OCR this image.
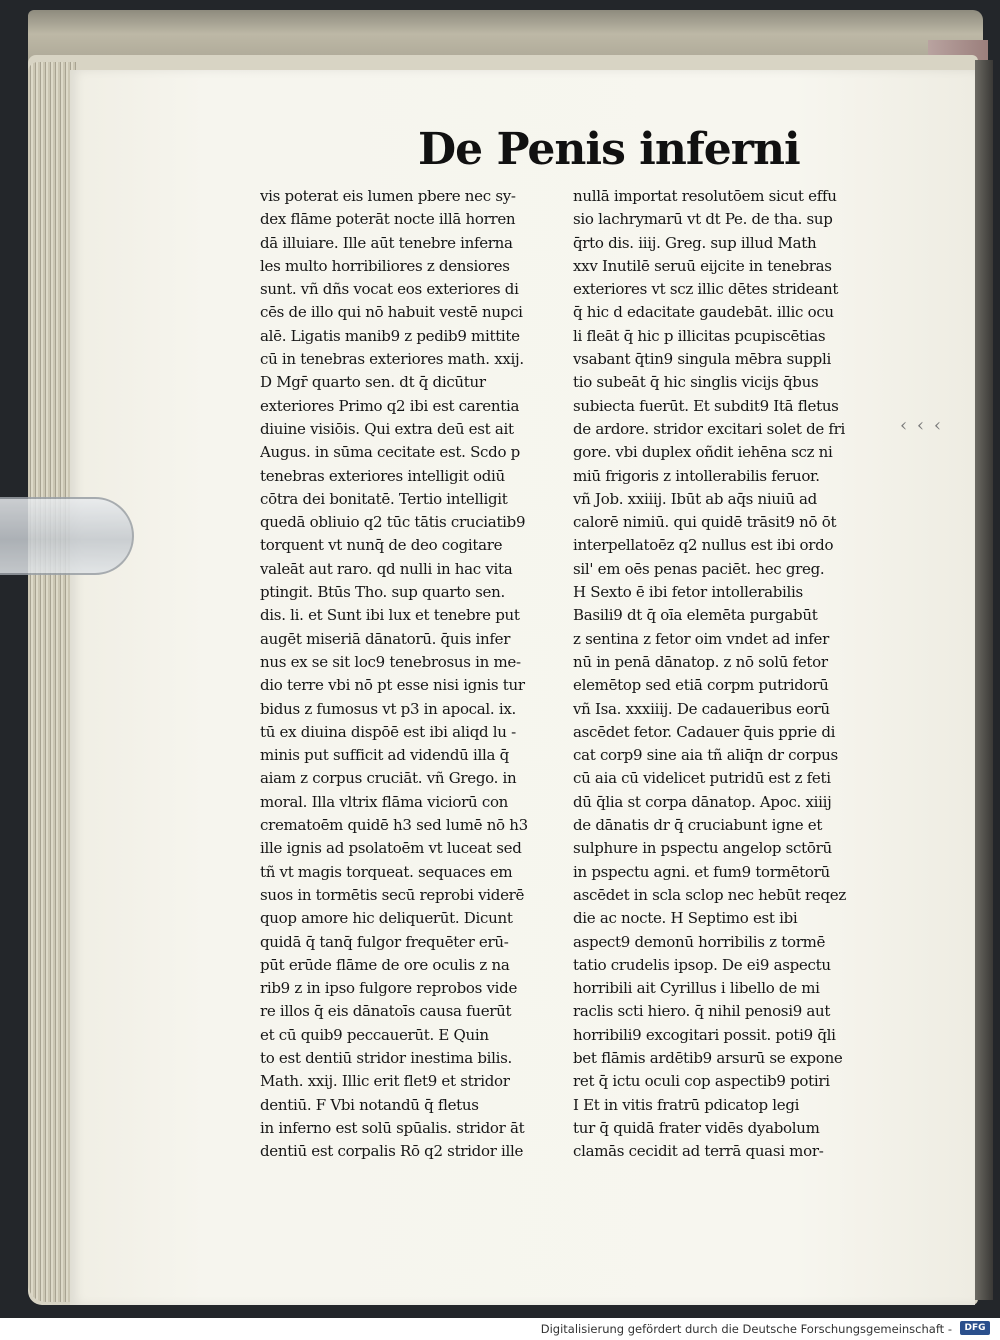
De Penis inferni
vis poterat eis lumen pbere nec sy-
dex flāme poterāt nocte illā horren
dā illuiare. Ille aūt tenebre inferna
les multo horribiliores z densiores
sunt. vñ dñs vocat eos exteriores di
cēs de illo qui nō habuit vestē nupci
alē. Ligatis manib9 z pedib9 mittite
cū in tenebras exteriores math. xxij.
D Mgr̄ quarto sen. dt q̄ dicūtur
exteriores Primo q2 ibi est carentia
diuine visiōis. Qui extra deū est ait
Augus. in sūma cecitate est. Scdo p
tenebras exteriores intelligit odiū
cōtra dei bonitatē. Tertio intelligit
quedā obliuio q2 tūc tātis cruciatib9
torquent vt nunq̄ de deo cogitare
valeāt aut raro. qd nulli in hac vita
ptingit. Btūs Tho. sup quarto sen.
dis. li. et Sunt ibi lux et tenebre put
augēt miseriā dānatorū. q̄uis infer
nus ex se sit loc9 tenebrosus in me-
dio terre vbi nō pt esse nisi ignis tur
bidus z fumosus vt p3 in apocal. ix.
tū ex diuina dispōē est ibi aliqd lu -
minis put sufficit ad videndū illa q̄
aiam z corpus cruciāt. vñ Grego. in
moral. Illa vltrix flāma viciorū con
crematoēm quidē h3 sed lumē nō h3
ille ignis ad psolatoēm vt luceat sed
tñ vt magis torqueat. sequaces em
suos in tormētis secū reprobi viderē
quop amore hic deliquerūt. Dicunt
quidā q̄ tanq̄ fulgor frequēter erū-
pūt erūde flāme de ore oculis z na
rib9 z in ipso fulgore reprobos vide
re illos q̄ eis dānatoīs causa fuerūt
et cū quib9 peccauerūt. E Quin
to est dentiū stridor inestima bilis.
Math. xxij. Illic erit flet9 et stridor
dentiū. F Vbi notandū q̄ fletus
in inferno est solū spūalis. stridor āt
dentiū est corpalis Rō q2 stridor ille
nullā importat resolutōem sicut effu
sio lachrymarū vt dt Pe. de tha. sup
q̄rto dis. iiij. Greg. sup illud Math
xxv Inutilē seruū eijcite in tenebras
exteriores vt scz illic dētes strideant
q̄ hic d edacitate gaudebāt. illic ocu
li fleāt q̄ hic p illicitas pcupiscētias
vsabant q̄tin9 singula mēbra suppli
tio subeāt q̄ hic singlis vicijs q̄bus
subiecta fuerūt. Et subdit9 Itā fletus
de ardore. stridor excitari solet de fri
gore. vbi duplex oñdit iehēna scz ni
miū frigoris z intollerabilis feruor.
vñ Job. xxiiij. Ibūt ab aq̄s niuiū ad
calorē nimiū. qui quidē trāsit9 nō ōt
interpellatoēz q2 nullus est ibi ordo
sil' em oēs penas paciēt. hec greg.
H Sexto ē ibi fetor intollerabilis
Basili9 dt q̄ oīa elemēta purgabūt
z sentina z fetor oim vndet ad infer
nū in penā dānatop. z nō solū fetor
elemētop sed etiā corpm putridorū
vñ Isa. xxxiiij. De cadaueribus eorū
ascēdet fetor. Cadauer q̄uis pprie di
cat corp9 sine aia tñ aliq̄n dr corpus
cū aia cū videlicet putridū est z feti
dū q̄lia st corpa dānatop. Apoc. xiiij
de dānatis dr q̄ cruciabunt igne et
sulphure in pspectu angelop sctōrū
in pspectu agni. et fum9 tormētorū
ascēdet in scla sclop nec hebūt reqez
die ac nocte. H Septimo est ibi
aspect9 demonū horribilis z tormē
tatio crudelis ipsop. De ei9 aspectu
horribili ait Cyrillus i libello de mi
raclis scti hiero. q̄ nihil penosi9 aut
horribili9 excogitari possit. poti9 q̄li
bet flāmis ardētib9 arsurū se expone
ret q̄ ictu oculi cop aspectib9 potiri
I Et in vitis fratrū pdicatop legi
tur q̄ quidā frater vidēs dyabolum
clamās cecidit ad terrā quasi mor-
‹ ‹ ‹
Digitalisierung gefördert durch die Deutsche Forschungsgemeinschaft -	DFG
